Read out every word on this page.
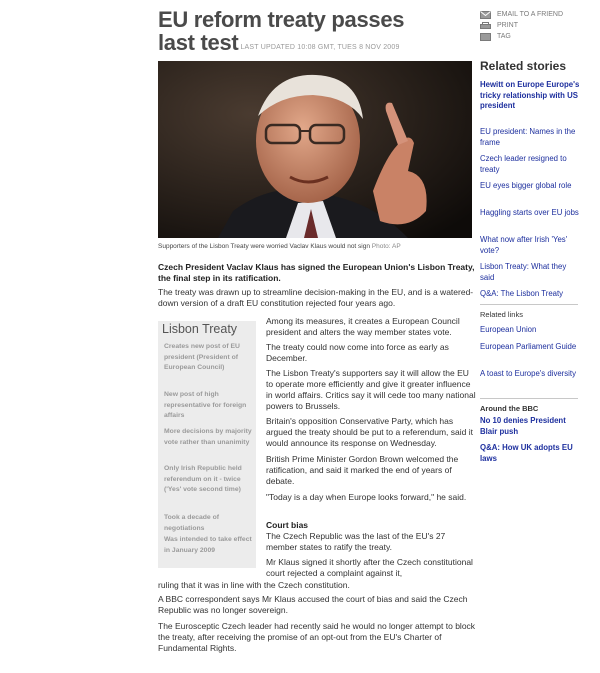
EU reform treaty passes
last test LAST UPDATED 10:08 GMT, TUES 8 NOV 2009
EMAIL TO A FRIEND
PRINT
TAG
Supporters of the Lisbon Treaty were worried Vaclav Klaus would not sign Photo: AP
Czech President Vaclav Klaus has signed the European Union's Lisbon Treaty, the final step in its ratification.
The treaty was drawn up to streamline decision-making in the EU, and is a watered-down version of a draft EU constitution rejected four years ago.
Lisbon Treaty
Creates new post of EU president (President of European Council)
New post of high representative for foreign affairs
More decisions by majority vote rather than unanimity
Only Irish Republic held referendum on it - twice ('Yes' vote second time)
Took a decade of negotiations
Was intended to take effect in January 2009
Among its measures, it creates a European Council president and alters the way member states vote.
The treaty could now come into force as early as December.
The Lisbon Treaty's supporters say it will allow the EU to operate more efficiently and give it greater influence in world affairs. Critics say it will cede too many national powers to Brussels.
Britain's opposition Conservative Party, which has argued the treaty should be put to a referendum, said it would announce its response on Wednesday.
British Prime Minister Gordon Brown welcomed the ratification, and said it marked the end of years of debate.
"Today is a day when Europe looks forward," he said.
Court bias
The Czech Republic was the last of the EU's 27 member states to ratify the treaty.
Mr Klaus signed it shortly after the Czech constitutional court rejected a complaint against it,
ruling that it was in line with the Czech constitution.
A BBC correspondent says Mr Klaus accused the court of bias and said the Czech Republic was no longer sovereign.
The Eurosceptic Czech leader had recently said he would no longer attempt to block the treaty, after receiving the promise of an opt-out from the EU's Charter of Fundamental Rights.
Related stories
Hewitt on Europe Europe's tricky relationship with US president
EU president: Names in the frame
Czech leader resigned to treaty
EU eyes bigger global role
Haggling starts over EU jobs
What now after Irish 'Yes' vote?
Lisbon Treaty: What they said
Q&A: The Lisbon Treaty
Related links
European Union
European Parliament Guide
A toast to Europe's diversity
Around the BBC
No 10 denies President Blair push
Q&A: How UK adopts EU laws
